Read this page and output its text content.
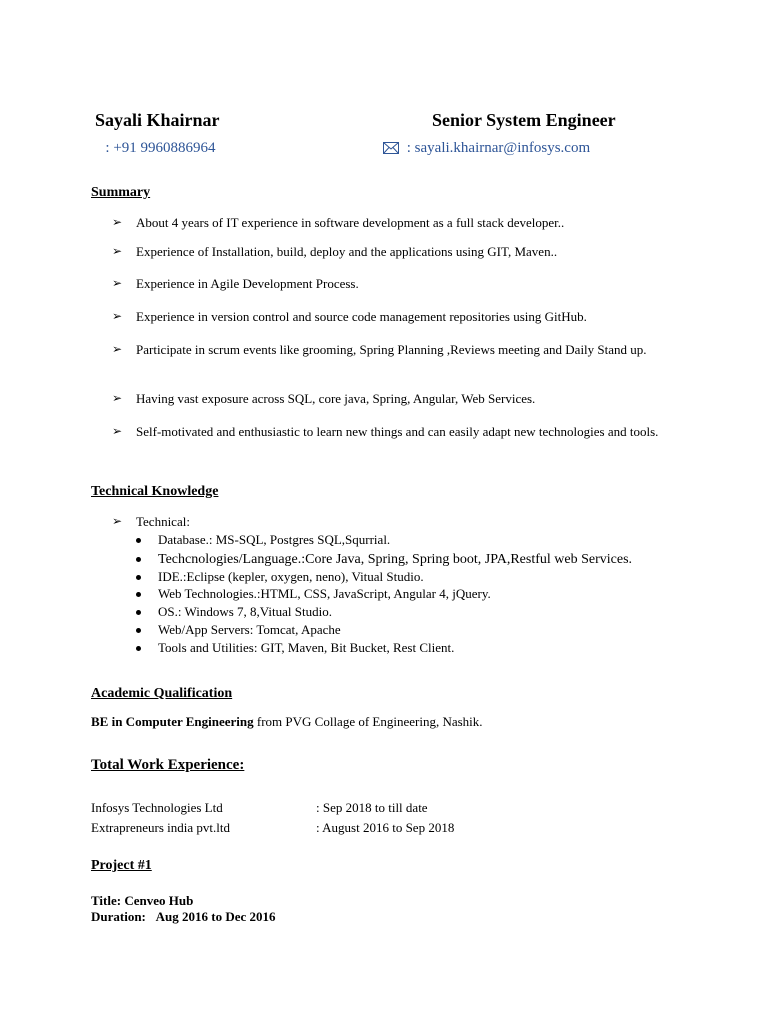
Sayali Khairnar	Senior System Engineer
: +91 9960886964	: sayali.khairnar@infosys.com
Summary
➢ About 4 years of IT experience in software development as a full stack developer..
➢ Experience of Installation, build, deploy and the applications using GIT, Maven..
➢ Experience in Agile Development Process.
➢ Experience in version control and source code management repositories using GitHub.
➢ Participate in scrum events like grooming, Spring Planning ,Reviews meeting and Daily Stand up.
➢ Having vast exposure across SQL, core java, Spring, Angular, Web Services.
➢ Self-motivated and enthusiastic to learn new things and can easily adapt new technologies and tools.
Technical Knowledge
➢ Technical:
Database.: MS-SQL, Postgres SQL,Squrrial.
Techcnologies/Language.:Core Java, Spring, Spring boot, JPA,Restful web Services.
IDE.:Eclipse (kepler, oxygen, neno), Vitual Studio.
Web Technologies.:HTML, CSS, JavaScript, Angular 4, jQuery.
OS.: Windows 7, 8,Vitual Studio.
Web/App Servers: Tomcat, Apache
Tools and Utilities: GIT, Maven, Bit Bucket, Rest Client.
Academic Qualification
BE in Computer Engineering from PVG Collage of Engineering, Nashik.
Total Work Experience:
Infosys Technologies Ltd	: Sep 2018 to till date
Extrapreneurs india pvt.ltd	: August 2016 to Sep 2018
Project #1
Title: Cenveo Hub
Duration: Aug 2016 to Dec 2016
